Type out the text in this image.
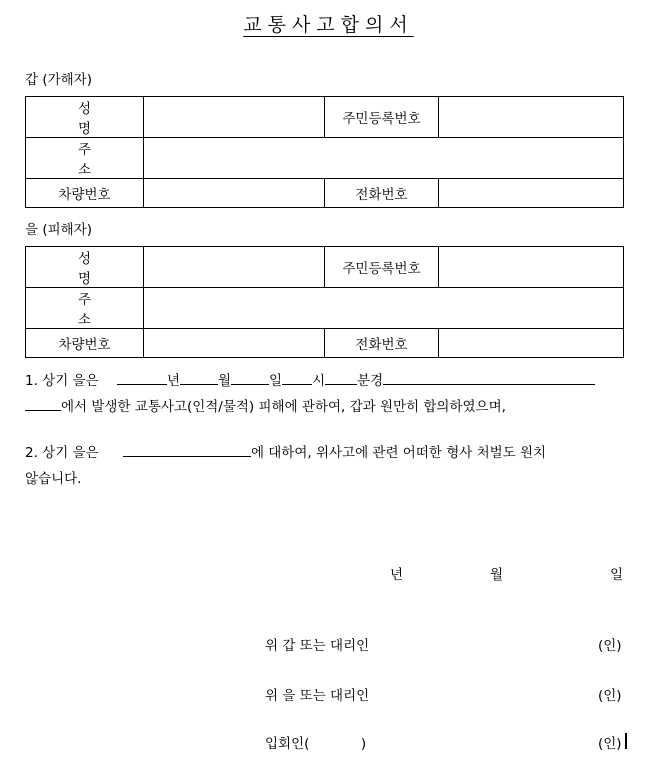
교통사고합의서
갑 (가해자)
성 명		주민등록번호	
주 소			
차량번호		전화번호	
을 (피해자)
성 명		주민등록번호	
주 소			
차량번호		전화번호	
1. 상기 을은	년	월	일 시 분경
에서 발생한 교통사고(인적/물적) 피해에 관하여, 갑과 원만히 합의하였으며,
2. 상기 을은	에 대하여, 위사고에 관련 어떠한 형사 처벌도 원치
않습니다.
년	월	일
위 갑 또는 대리인	(인)
위 을 또는 대리인	(인)
입회인(            )	(인)
